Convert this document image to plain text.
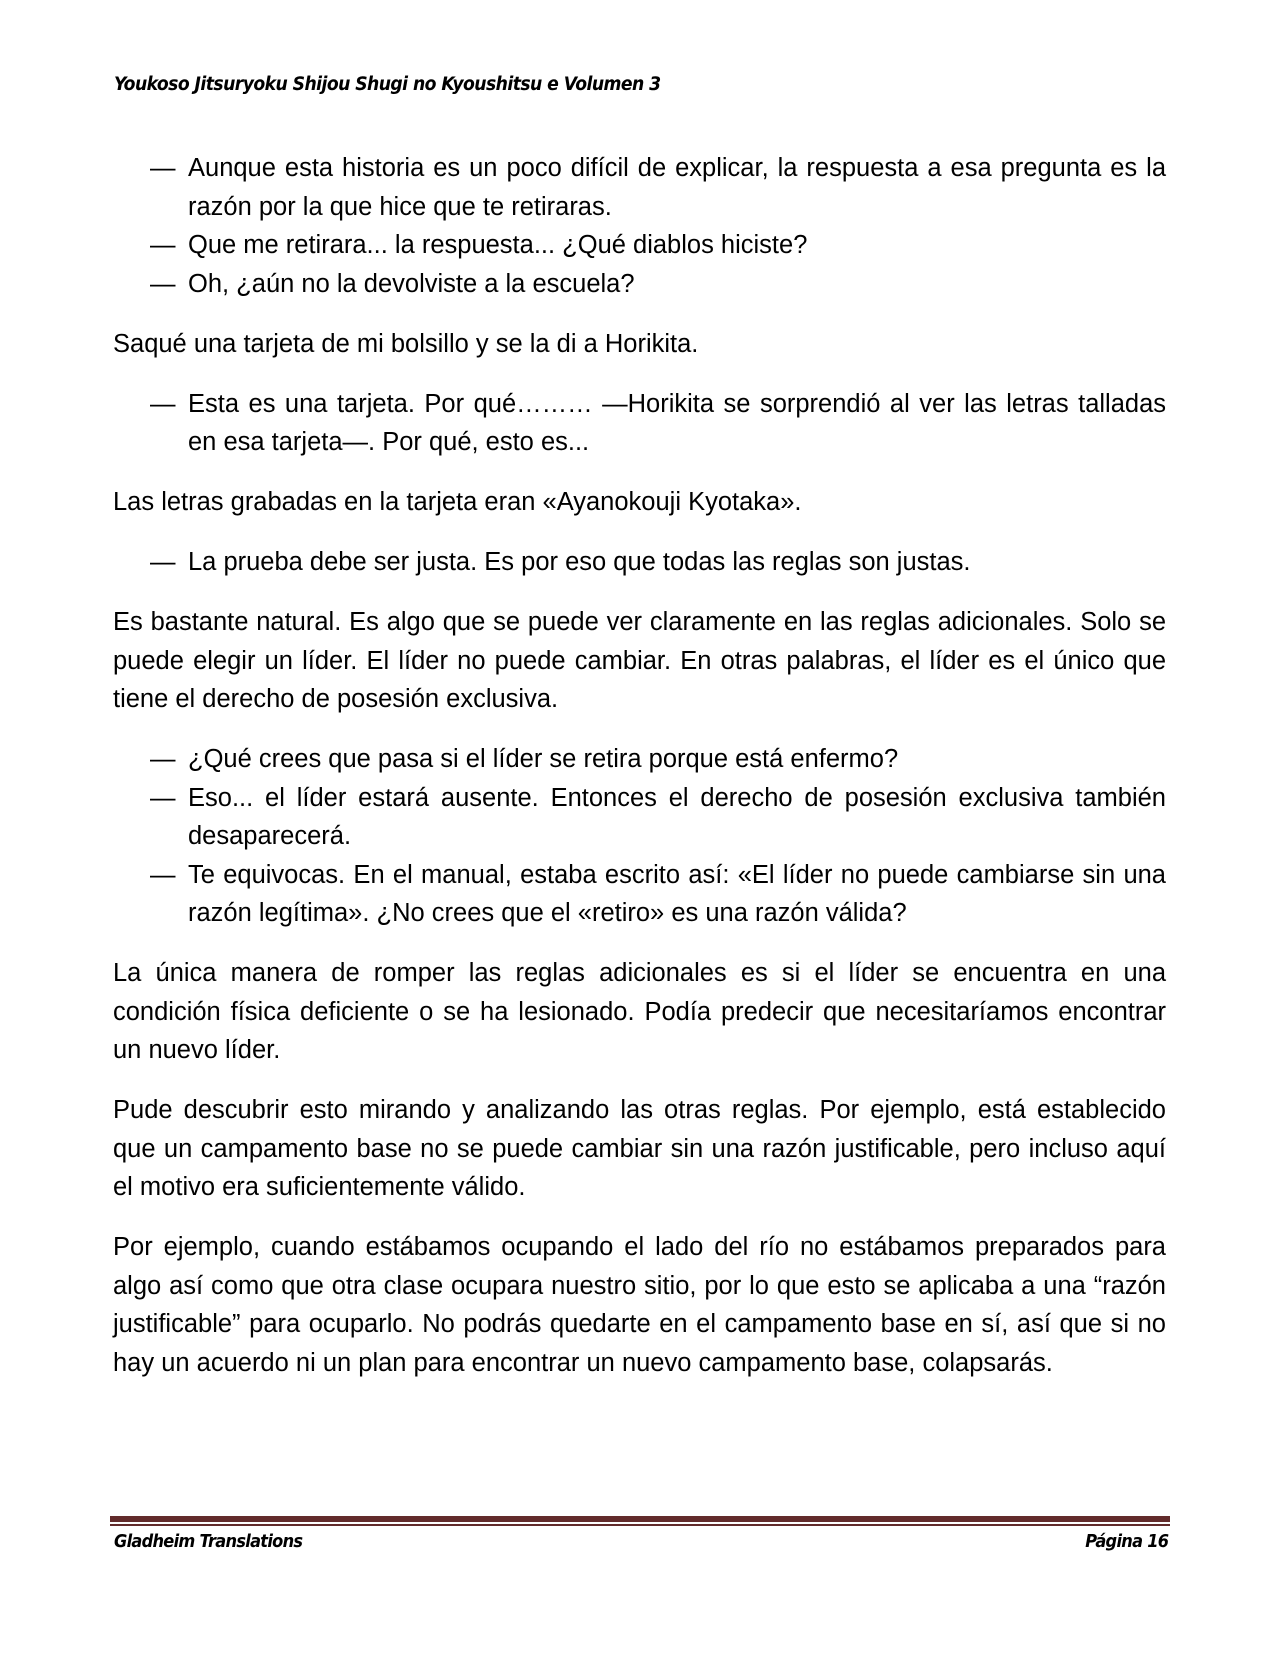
Youkoso Jitsuryoku Shijou Shugi no Kyoushitsu e Volumen 3

— Aunque esta historia es un poco difícil de explicar, la respuesta a esa pregunta es la razón por la que hice que te retiraras.

— Que me retirara... la respuesta... ¿Qué diablos hiciste?

— Oh, ¿aún no la devolviste a la escuela?

Saqué una tarjeta de mi bolsillo y se la di a Horikita.

— Esta es una tarjeta. Por qué……… —Horikita se sorprendió al ver las letras talladas en esa tarjeta—. Por qué, esto es...

Las letras grabadas en la tarjeta eran «Ayanokouji Kyotaka».

— La prueba debe ser justa. Es por eso que todas las reglas son justas.

Es bastante natural. Es algo que se puede ver claramente en las reglas adicionales. Solo se puede elegir un líder. El líder no puede cambiar. En otras palabras, el líder es el único que tiene el derecho de posesión exclusiva.

— ¿Qué crees que pasa si el líder se retira porque está enfermo?

— Eso... el líder estará ausente. Entonces el derecho de posesión exclusiva también desaparecerá.

— Te equivocas. En el manual, estaba escrito así: «El líder no puede cambiarse sin una razón legítima». ¿No crees que el «retiro» es una razón válida?

La única manera de romper las reglas adicionales es si el líder se encuentra en una condición física deficiente o se ha lesionado. Podía predecir que necesitaríamos encontrar un nuevo líder.

Pude descubrir esto mirando y analizando las otras reglas. Por ejemplo, está establecido que un campamento base no se puede cambiar sin una razón justificable, pero incluso aquí el motivo era suficientemente válido.

Por ejemplo, cuando estábamos ocupando el lado del río no estábamos preparados para algo así como que otra clase ocupara nuestro sitio, por lo que esto se aplicaba a una “razón justificable” para ocuparlo. No podrás quedarte en el campamento base en sí, así que si no hay un acuerdo ni un plan para encontrar un nuevo campamento base, colapsarás.

Gladheim Translations	Página 16
